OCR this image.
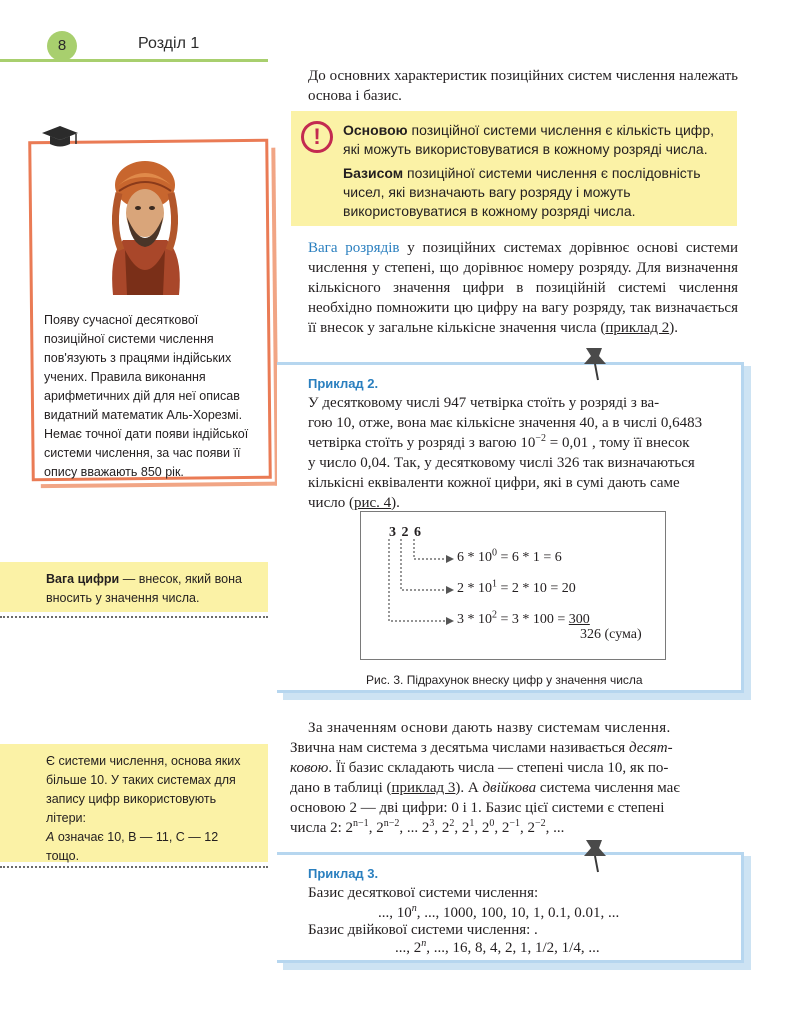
8	Розділ 1
До основних характеристик позиційних систем числення належать основа і базис.
!	Основою позиційної системи числення є кількість цифр, які можуть використовуватися в кожному розряді числа.
Базисом позиційної системи числення є послідовність чисел, які визначають вагу розряду і можуть використовуватися в кожному розряді числа.
Вага розрядів у позиційних системах дорівнює основі системи числення у степені, що дорівнює номеру розряду. Для визначення кількісного значення цифри в позиційній системі числення необхідно помножити цю цифру на вагу розряду, так визначається її внесок у загальне кількісне значення числа (приклад 2).
Появу сучасної десяткової позиційної системи числення пов'язують з працями індійських учених. Правила виконання арифметичних дій для неї описав видатний математик Аль-Хорезмі. Немає точної дати появи індійської системи числення, за час появи її опису вважають 850 рік.
Вага цифри — внесок, який вона вносить у значення числа.
Є системи числення, основа яких більше 10. У таких системах для запису цифр використовують літери:
А означає 10, В — 11, С — 12 тощо.
Приклад 2.
У десятковому числі 947 четвірка стоїть у розряді з ва-
гою 10, отже, вона має кількісне значення 40, а в числі 0,6483
четвірка стоїть у розряді з вагою $10^{-2} = 0,01$ , тому її внесок
у число 0,04. Так, у десятковому числі 326 так визначаються
кількісні еквіваленти кожної цифри, які в сумі дають саме
число (рис. 4).
3 2 6
$6 * 10^0 = 6 * 1 = 6$
$2 * 10^1 = 2 * 10 = 20$
$3 * 10^2 = 3 * 100 = 300$
326 (сума)
Рис. 3. Підрахунок внеску цифр у значення числа
За значенням основи дають назву системам числення.
Звична нам система з десятьма числами називається десят-
ковою. Її базис складають числа — степені числа 10, як по-
дано в таблиці (приклад 3). А двійкова система числення має
основою 2 — дві цифри: 0 і 1. Базис цієї системи є степені
числа 2: $2^{n-1}$, $2^{n-2}$, ... $2^3$, $2^2$, $2^1$, $2^0$, $2^{-1}$, $2^{-2}$, ...
Приклад 3.
Базис десяткової системи числення:
..., 10$^n$, ..., 1000, 100, 10, 1, 0.1, 0.01, ...
Базис двійкової системи числення: .
..., 2$^n$, ..., 16, 8, 4, 2, 1, 1/2, 1/4, ...
